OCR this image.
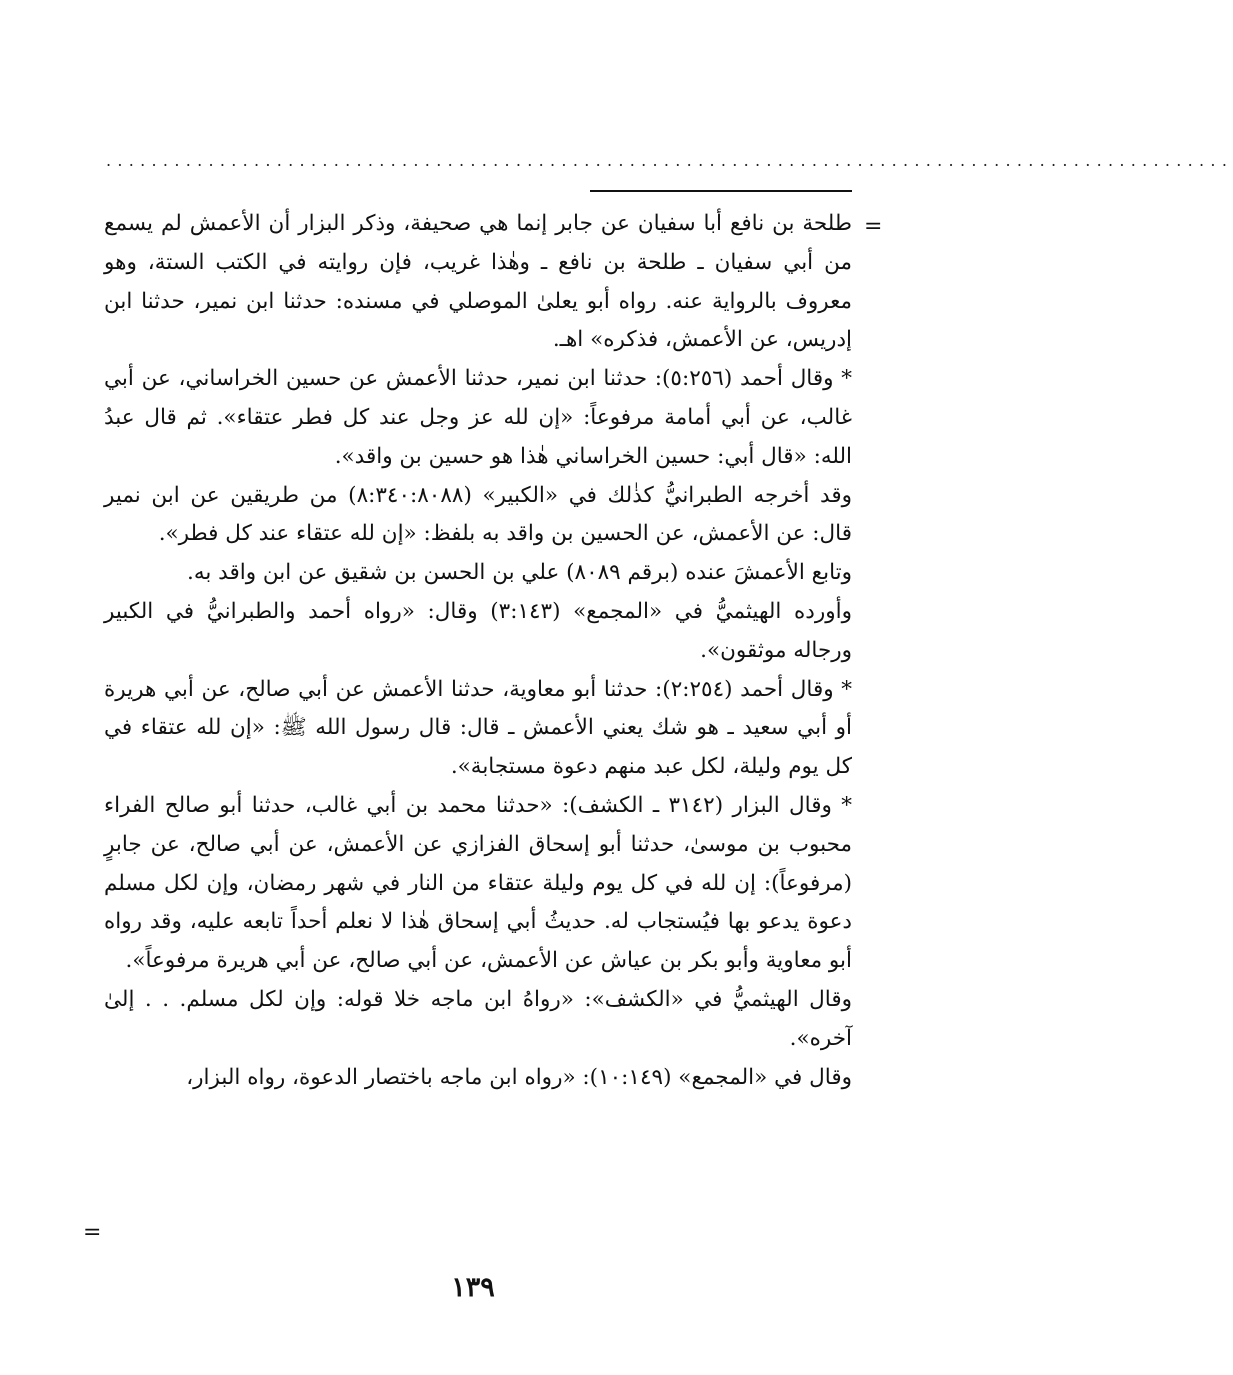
...................................................................................................
=

طلحة بن نافع أبا سفيان عن جابر إنما هي صحيفة، وذكر البزار أن الأعمش لم يسمع من أبي سفيان ـ طلحة بن نافع ـ وهٰذا غريب، فإن روايته في الكتب الستة، وهو معروف بالرواية عنه. رواه أبو يعلىٰ الموصلي في مسنده: حدثنا ابن نمير، حدثنا ابن إدريس، عن الأعمش، فذكره» اهـ.

* وقال أحمد (٥:٢٥٦): حدثنا ابن نمير، حدثنا الأعمش عن حسين الخراساني، عن أبي غالب، عن أبي أمامة مرفوعاً: «إن لله عز وجل عند كل فطر عتقاء». ثم قال عبدُ الله: «قال أبي: حسين الخراساني هٰذا هو حسين بن واقد».

وقد أخرجه الطبرانيُّ كذٰلك في «الكبير» (٨:٣٤٠:٨٠٨٨) من طريقين عن ابن نمير قال: عن الأعمش، عن الحسين بن واقد به بلفظ: «إن لله عتقاء عند كل فطر».

وتابع الأعمشَ عنده (برقم ٨٠٨٩) علي بن الحسن بن شقيق عن ابن واقد به.

وأورده الهيثميُّ في «المجمع» (٣:١٤٣) وقال: «رواه أحمد والطبرانيُّ في الكبير ورجاله موثقون».

* وقال أحمد (٢:٢٥٤): حدثنا أبو معاوية، حدثنا الأعمش عن أبي صالح، عن أبي هريرة أو أبي سعيد ـ هو شك يعني الأعمش ـ قال: قال رسول الله ﷺ: «إن لله عتقاء في كل يوم وليلة، لكل عبد منهم دعوة مستجابة».

* وقال البزار (٣١٤٢ ـ الكشف): «حدثنا محمد بن أبي غالب، حدثنا أبو صالح الفراء محبوب بن موسىٰ، حدثنا أبو إسحاق الفزازي عن الأعمش، عن أبي صالح، عن جابرٍ (مرفوعاً): إن لله في كل يوم وليلة عتقاء من النار في شهر رمضان، وإن لكل مسلم دعوة يدعو بها فيُستجاب له. حديثُ أبي إسحاق هٰذا لا نعلم أحداً تابعه عليه، وقد رواه أبو معاوية وأبو بكر بن عياش عن الأعمش، عن أبي صالح، عن أبي هريرة مرفوعاً».

وقال الهيثميُّ في «الكشف»: «رواهُ ابن ماجه خلا قوله: وإن لكل مسلم. . . إلىٰ آخره».

وقال في «المجمع» (١٠:١٤٩): «رواه ابن ماجه باختصار الدعوة، رواه البزار،

=
١٣٩
